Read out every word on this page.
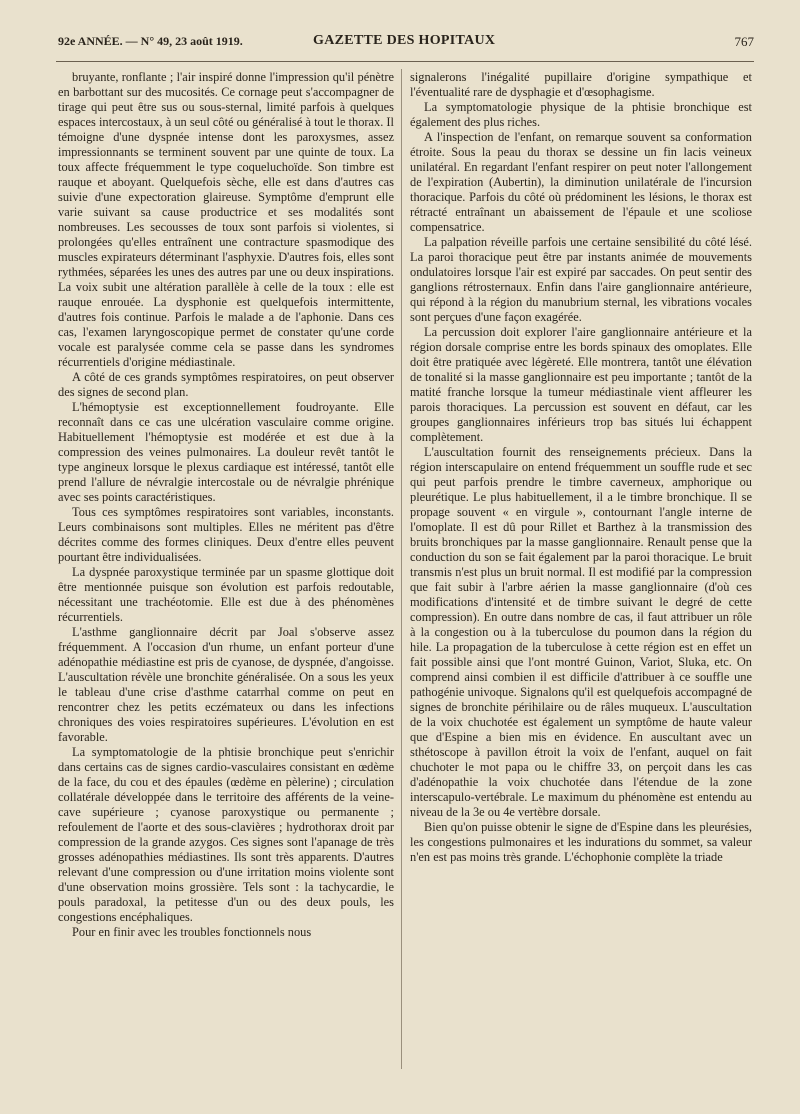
92e ANNÉE. — N° 49, 23 août 1919.	GAZETTE DES HOPITAUX	767

bruyante, ronflante ; l'air inspiré donne l'impression qu'il pénètre en barbottant sur des mucosités. Ce cornage peut s'accompagner de tirage qui peut être sus ou sous-sternal, limité parfois à quelques espaces intercostaux, à un seul côté ou généralisé à tout le thorax. Il témoigne d'une dyspnée intense dont les paroxysmes, assez impressionnants se terminent souvent par une quinte de toux. La toux affecte fréquemment le type coqueluchoïde. Son timbre est rauque et aboyant. Quelquefois sèche, elle est dans d'autres cas suivie d'une expectoration glaireuse. Symptôme d'emprunt elle varie suivant sa cause productrice et ses modalités sont nombreuses. Les secousses de toux sont parfois si violentes, si prolongées qu'elles entraînent une contracture spasmodique des muscles expirateurs déterminant l'asphyxie. D'autres fois, elles sont rythmées, séparées les unes des autres par une ou deux inspirations. La voix subit une altération parallèle à celle de la toux : elle est rauque enrouée. La dysphonie est quelquefois intermittente, d'autres fois continue. Parfois le malade a de l'aphonie. Dans ces cas, l'examen laryngoscopique permet de constater qu'une corde vocale est paralysée comme cela se passe dans les syndromes récurrentiels d'origine médiastinale.

A côté de ces grands symptômes respiratoires, on peut observer des signes de second plan.

L'hémoptysie est exceptionnellement foudroyante. Elle reconnaît dans ce cas une ulcération vasculaire comme origine. Habituellement l'hémoptysie est modérée et est due à la compression des veines pulmonaires. La douleur revêt tantôt le type angineux lorsque le plexus cardiaque est intéressé, tantôt elle prend l'allure de névralgie intercostale ou de névralgie phrénique avec ses points caractéristiques.

Tous ces symptômes respiratoires sont variables, inconstants. Leurs combinaisons sont multiples. Elles ne méritent pas d'être décrites comme des formes cliniques. Deux d'entre elles peuvent pourtant être individualisées.

La dyspnée paroxystique terminée par un spasme glottique doit être mentionnée puisque son évolution est parfois redoutable, nécessitant une trachéotomie. Elle est due à des phénomènes récurrentiels.

L'asthme ganglionnaire décrit par Joal s'observe assez fréquemment. A l'occasion d'un rhume, un enfant porteur d'une adénopathie médiastine est pris de cyanose, de dyspnée, d'angoisse. L'auscultation révèle une bronchite généralisée. On a sous les yeux le tableau d'une crise d'asthme catarrhal comme on peut en rencontrer chez les petits eczémateux ou dans les infections chroniques des voies respiratoires supérieures. L'évolution en est favorable.

La symptomatologie de la phtisie bronchique peut s'enrichir dans certains cas de signes cardio-vasculaires consistant en œdème de la face, du cou et des épaules (œdème en pèlerine) ; circulation collatérale développée dans le territoire des afférents de la veine-cave supérieure ; cyanose paroxystique ou permanente ; refoulement de l'aorte et des sous-clavières ; hydrothorax droit par compression de la grande azygos. Ces signes sont l'apanage de très grosses adénopathies médiastines. Ils sont très apparents. D'autres relevant d'une compression ou d'une irritation moins violente sont d'une observation moins grossière. Tels sont : la tachycardie, le pouls paradoxal, la petitesse d'un ou des deux pouls, les congestions encéphaliques.

Pour en finir avec les troubles fonctionnels nous

signalerons l'inégalité pupillaire d'origine sympathique et l'éventualité rare de dysphagie et d'œsophagisme.

La symptomatologie physique de la phtisie bronchique est également des plus riches.

A l'inspection de l'enfant, on remarque souvent sa conformation étroite. Sous la peau du thorax se dessine un fin lacis veineux unilatéral. En regardant l'enfant respirer on peut noter l'allongement de l'expiration (Aubertin), la diminution unilatérale de l'incursion thoracique. Parfois du côté où prédominent les lésions, le thorax est rétracté entraînant un abaissement de l'épaule et une scoliose compensatrice.

La palpation réveille parfois une certaine sensibilité du côté lésé. La paroi thoracique peut être par instants animée de mouvements ondulatoires lorsque l'air est expiré par saccades. On peut sentir des ganglions rétrosternaux. Enfin dans l'aire ganglionnaire antérieure, qui répond à la région du manubrium sternal, les vibrations vocales sont perçues d'une façon exagérée.

La percussion doit explorer l'aire ganglionnaire antérieure et la région dorsale comprise entre les bords spinaux des omoplates. Elle doit être pratiquée avec légèreté. Elle montrera, tantôt une élévation de tonalité si la masse ganglionnaire est peu importante ; tantôt de la matité franche lorsque la tumeur médiastinale vient affleurer les parois thoraciques. La percussion est souvent en défaut, car les groupes ganglionnaires inférieurs trop bas situés lui échappent complètement.

L'auscultation fournit des renseignements précieux. Dans la région interscapulaire on entend fréquemment un souffle rude et sec qui peut parfois prendre le timbre caverneux, amphorique ou pleurétique. Le plus habituellement, il a le timbre bronchique. Il se propage souvent « en virgule », contournant l'angle interne de l'omoplate. Il est dû pour Rillet et Barthez à la transmission des bruits bronchiques par la masse ganglionnaire. Renault pense que la conduction du son se fait également par la paroi thoracique. Le bruit transmis n'est plus un bruit normal. Il est modifié par la compression que fait subir à l'arbre aérien la masse ganglionnaire (d'où ces modifications d'intensité et de timbre suivant le degré de cette compression). En outre dans nombre de cas, il faut attribuer un rôle à la congestion ou à la tuberculose du poumon dans la région du hile. La propagation de la tuberculose à cette région est en effet un fait possible ainsi que l'ont montré Guinon, Variot, Sluka, etc. On comprend ainsi combien il est difficile d'attribuer à ce souffle une pathogénie univoque. Signalons qu'il est quelquefois accompagné de signes de bronchite périhilaire ou de râles muqueux. L'auscultation de la voix chuchotée est également un symptôme de haute valeur que d'Espine a bien mis en évidence. En auscultant avec un sthétoscope à pavillon étroit la voix de l'enfant, auquel on fait chuchoter le mot papa ou le chiffre 33, on perçoit dans les cas d'adénopathie la voix chuchotée dans l'étendue de la zone interscapulo-vertébrale. Le maximum du phénomène est entendu au niveau de la 3e ou 4e vertèbre dorsale.

Bien qu'on puisse obtenir le signe de d'Espine dans les pleurésies, les congestions pulmonaires et les indurations du sommet, sa valeur n'en est pas moins très grande. L'échophonie complète la triade
